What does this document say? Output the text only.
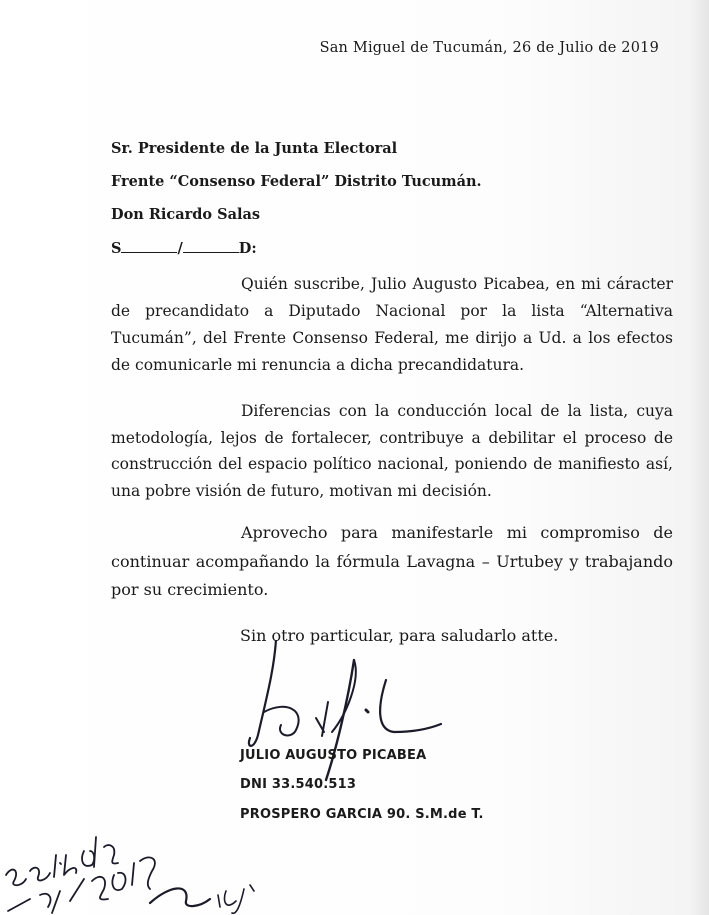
San Miguel de Tucumán, 26 de Julio de 2019
Sr. Presidente de la Junta Electoral
Frente “Consenso Federal” Distrito Tucumán.
Don Ricardo Salas
S	/	D:
Quién suscribe, Julio Augusto Picabea, en mi cáracter de precandidato a Diputado Nacional por la lista “Alternativa Tucumán”, del Frente Consenso Federal, me dirijo a Ud. a los efectos de comunicarle mi renuncia a dicha precandidatura.
Diferencias con la conducción local de la lista, cuya metodología, lejos de fortalecer, contribuye a debilitar el proceso de construcción del espacio político nacional, poniendo de manifiesto así, una pobre visión de futuro, motivan mi decisión.
Aprovecho para manifestarle mi compromiso de continuar acompañando la fórmula Lavagna – Urtubey y trabajando por su crecimiento.
Sin otro particular, para saludarlo atte.
JULIO AUGUSTO PICABEA
DNI 33.540.513
PROSPERO GARCIA 90. S.M.de T.
